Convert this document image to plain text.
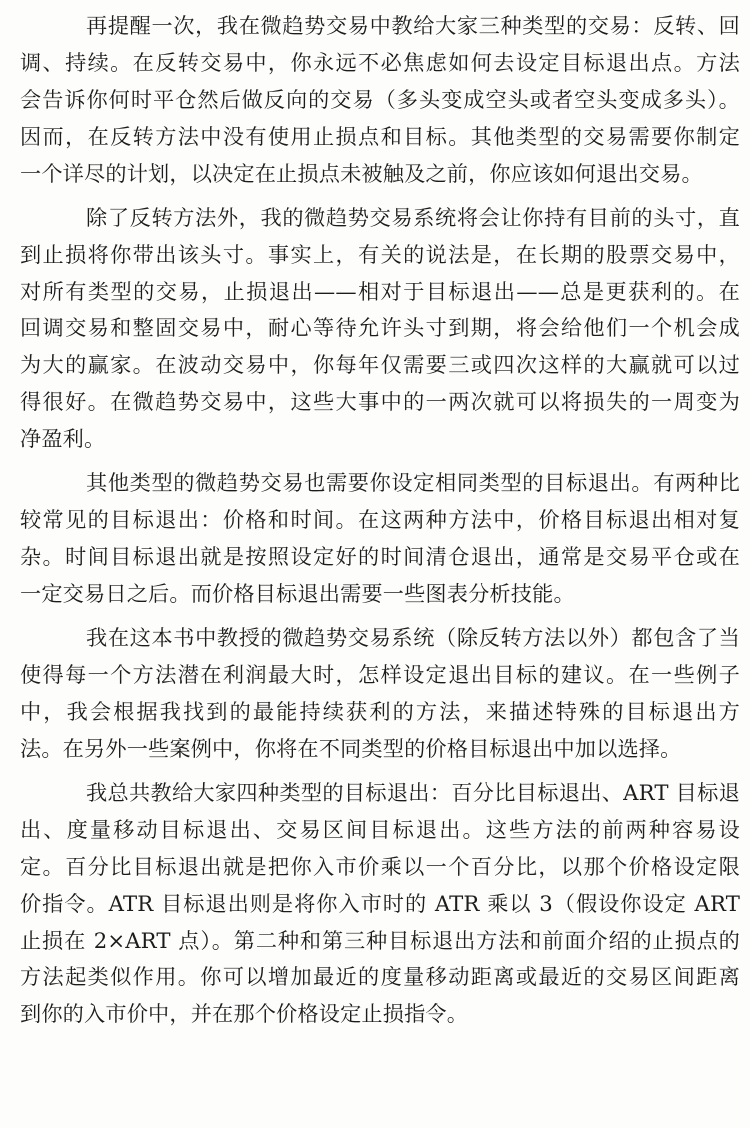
再提醒一次，我在微趋势交易中教给大家三种类型的交易：反转、回
调、持续。在反转交易中，你永远不必焦虑如何去设定目标退出点。方法
会告诉你何时平仓然后做反向的交易（多头变成空头或者空头变成多头）。
因而，在反转方法中没有使用止损点和目标。其他类型的交易需要你制定
一个详尽的计划，以决定在止损点未被触及之前，你应该如何退出交易。
除了反转方法外，我的微趋势交易系统将会让你持有目前的头寸，直
到止损将你带出该头寸。事实上，有关的说法是，在长期的股票交易中，
对所有类型的交易，止损退出——相对于目标退出——总是更获利的。在
回调交易和整固交易中，耐心等待允许头寸到期，将会给他们一个机会成
为大的赢家。在波动交易中，你每年仅需要三或四次这样的大赢就可以过
得很好。在微趋势交易中，这些大事中的一两次就可以将损失的一周变为
净盈利。
其他类型的微趋势交易也需要你设定相同类型的目标退出。有两种比
较常见的目标退出：价格和时间。在这两种方法中，价格目标退出相对复
杂。时间目标退出就是按照设定好的时间清仓退出，通常是交易平仓或在
一定交易日之后。而价格目标退出需要一些图表分析技能。
我在这本书中教授的微趋势交易系统（除反转方法以外）都包含了当
使得每一个方法潜在利润最大时，怎样设定退出目标的建议。在一些例子
中，我会根据我找到的最能持续获利的方法，来描述特殊的目标退出方
法。在另外一些案例中，你将在不同类型的价格目标退出中加以选择。
我总共教给大家四种类型的目标退出：百分比目标退出、ART 目标退
出、度量移动目标退出、交易区间目标退出。这些方法的前两种容易设
定。百分比目标退出就是把你入市价乘以一个百分比，以那个价格设定限
价指令。ATR 目标退出则是将你入市时的 ATR 乘以 3（假设你设定 ART
止损在 2×ART 点）。第二种和第三种目标退出方法和前面介绍的止损点的
方法起类似作用。你可以增加最近的度量移动距离或最近的交易区间距离
到你的入市价中，并在那个价格设定止损指令。
